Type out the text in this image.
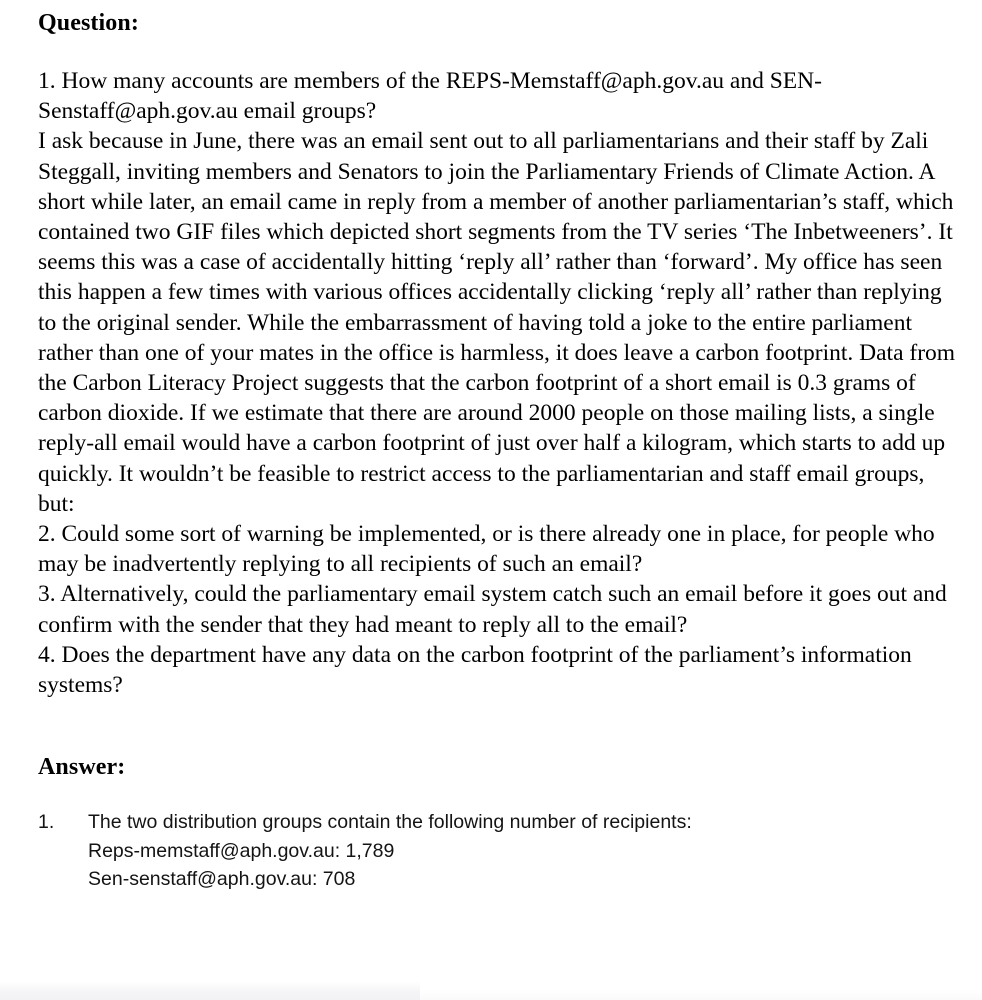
Question:

1. How many accounts are members of the REPS-Memstaff@aph.gov.au and SEN-Senstaff@aph.gov.au email groups?

I ask because in June, there was an email sent out to all parliamentarians and their staff by Zali Steggall, inviting members and Senators to join the Parliamentary Friends of Climate Action. A short while later, an email came in reply from a member of another parliamentarian’s staff, which contained two GIF files which depicted short segments from the TV series ‘The Inbetweeners’. It seems this was a case of accidentally hitting ‘reply all’ rather than ‘forward’. My office has seen this happen a few times with various offices accidentally clicking ‘reply all’ rather than replying to the original sender. While the embarrassment of having told a joke to the entire parliament rather than one of your mates in the office is harmless, it does leave a carbon footprint. Data from the Carbon Literacy Project suggests that the carbon footprint of a short email is 0.3 grams of carbon dioxide. If we estimate that there are around 2000 people on those mailing lists, a single reply-all email would have a carbon footprint of just over half a kilogram, which starts to add up quickly. It wouldn’t be feasible to restrict access to the parliamentarian and staff email groups, but:

2. Could some sort of warning be implemented, or is there already one in place, for people who may be inadvertently replying to all recipients of such an email?

3. Alternatively, could the parliamentary email system catch such an email before it goes out and confirm with the sender that they had meant to reply all to the email?

4. Does the department have any data on the carbon footprint of the parliament’s information systems?

Answer:
1.	The two distribution groups contain the following number of recipients:
Reps-memstaff@aph.gov.au: 1,789
Sen-senstaff@aph.gov.au: 708
